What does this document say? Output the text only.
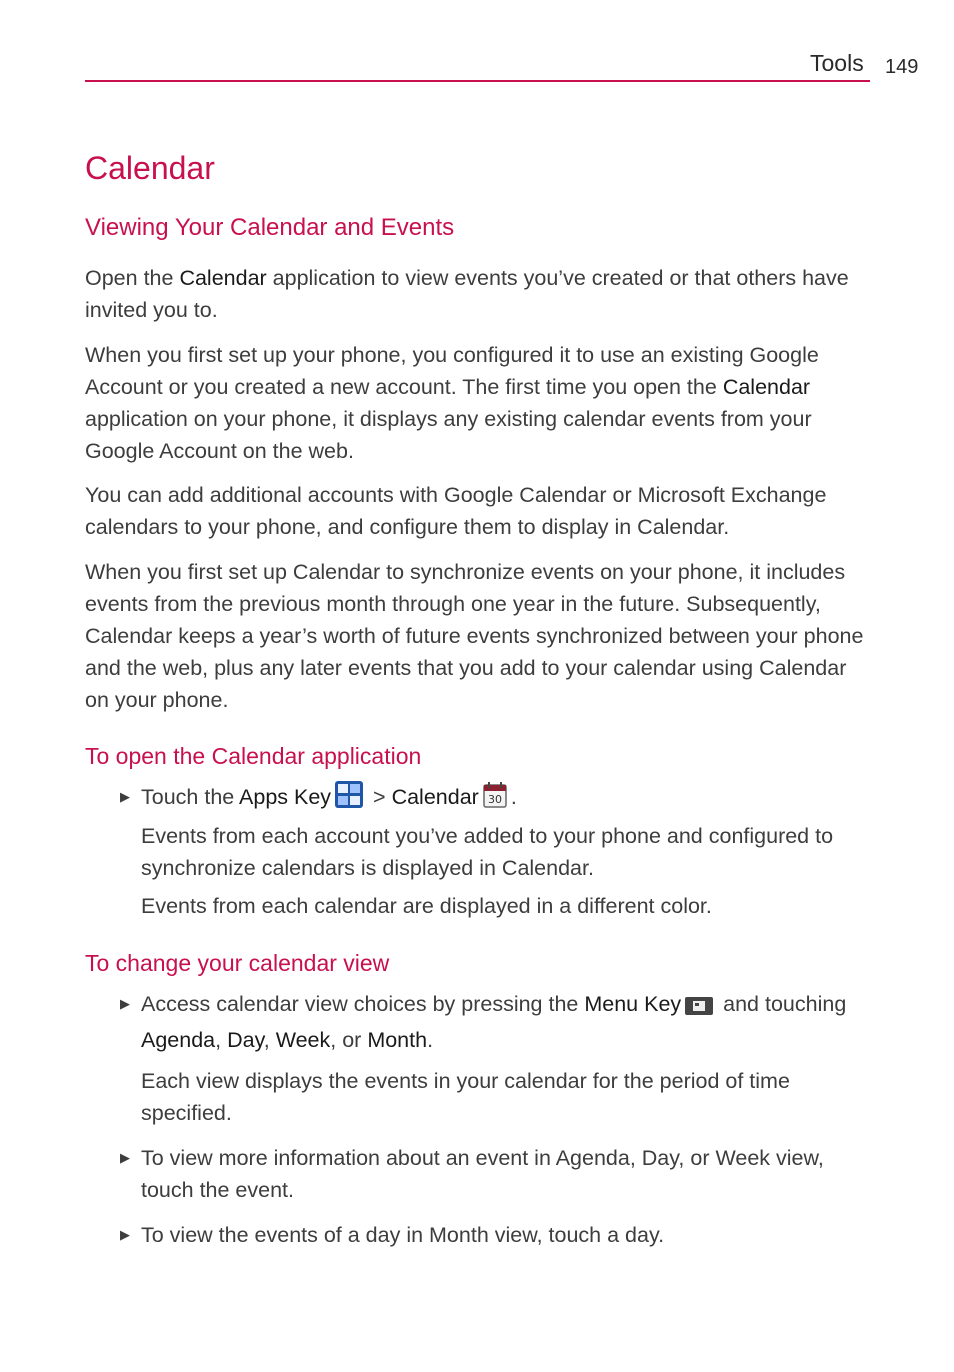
Tools 149
Calendar
Viewing Your Calendar and Events

Open the Calendar application to view events you’ve created or that others have invited you to.

When you first set up your phone, you configured it to use an existing Google Account or you created a new account. The first time you open the Calendar application on your phone, it displays any existing calendar events from your Google Account on the web.

You can add additional accounts with Google Calendar or Microsoft Exchange calendars to your phone, and configure them to display in Calendar.

When you first set up Calendar to synchronize events on your phone, it includes events from the previous month through one year in the future. Subsequently, Calendar keeps a year’s worth of future events synchronized between your phone and the web, plus any later events that you add to your calendar using Calendar on your phone.

To open the Calendar application
▶ Touch the Apps Key > Calendar 30 .

Events from each account you’ve added to your phone and configured to synchronize calendars is displayed in Calendar.

Events from each calendar are displayed in a different color.

To change your calendar view
▶ Access calendar view choices by pressing the Menu Key and touching Agenda, Day, Week, or Month.

Each view displays the events in your calendar for the period of time specified.

▶ To view more information about an event in Agenda, Day, or Week view, touch the event.

▶ To view the events of a day in Month view, touch a day.
